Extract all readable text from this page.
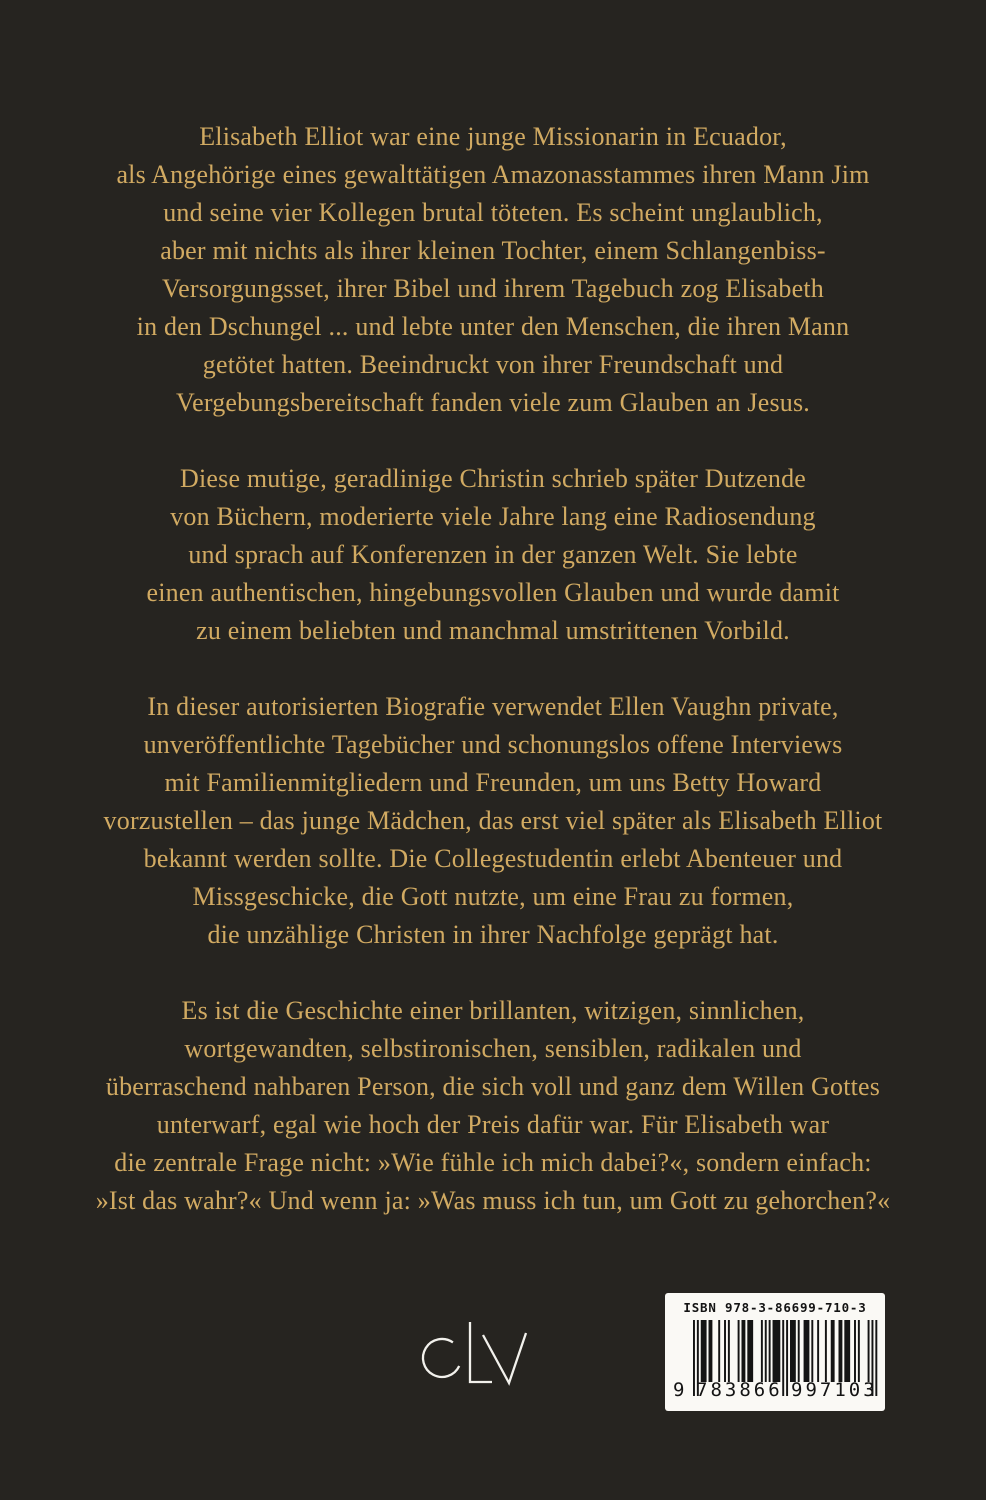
Elisabeth Elliot war eine junge Missionarin in Ecuador,
als Angehörige eines gewalttätigen Amazonasstammes ihren Mann Jim
und seine vier Kollegen brutal töteten. Es scheint unglaublich,
aber mit nichts als ihrer kleinen Tochter, einem Schlangenbiss-
Versorgungsset, ihrer Bibel und ihrem Tagebuch zog Elisabeth
in den Dschungel ... und lebte unter den Menschen, die ihren Mann
getötet hatten. Beeindruckt von ihrer Freundschaft und
Vergebungsbereitschaft fanden viele zum Glauben an Jesus.

Diese mutige, geradlinige Christin schrieb später Dutzende
von Büchern, moderierte viele Jahre lang eine Radiosendung
und sprach auf Konferenzen in der ganzen Welt. Sie lebte
einen authentischen, hingebungsvollen Glauben und wurde damit
zu einem beliebten und manchmal umstrittenen Vorbild.

In dieser autorisierten Biografie verwendet Ellen Vaughn private,
unveröffentlichte Tagebücher und schonungslos offene Interviews
mit Familienmitgliedern und Freunden, um uns Betty Howard
vorzustellen – das junge Mädchen, das erst viel später als Elisabeth Elliot
bekannt werden sollte. Die Collegestudentin erlebt Abenteuer und
Missgeschicke, die Gott nutzte, um eine Frau zu formen,
die unzählige Christen in ihrer Nachfolge geprägt hat.

Es ist die Geschichte einer brillanten, witzigen, sinnlichen,
wortgewandten, selbstironischen, sensiblen, radikalen und
überraschend nahbaren Person, die sich voll und ganz dem Willen Gottes
unterwarf, egal wie hoch der Preis dafür war. Für Elisabeth war
die zentrale Frage nicht: »Wie fühle ich mich dabei?«, sondern einfach:
»Ist das wahr?« Und wenn ja: »Was muss ich tun, um Gott zu gehorchen?«

ISBN 978-3-86699-710-3
9 783866 997103
